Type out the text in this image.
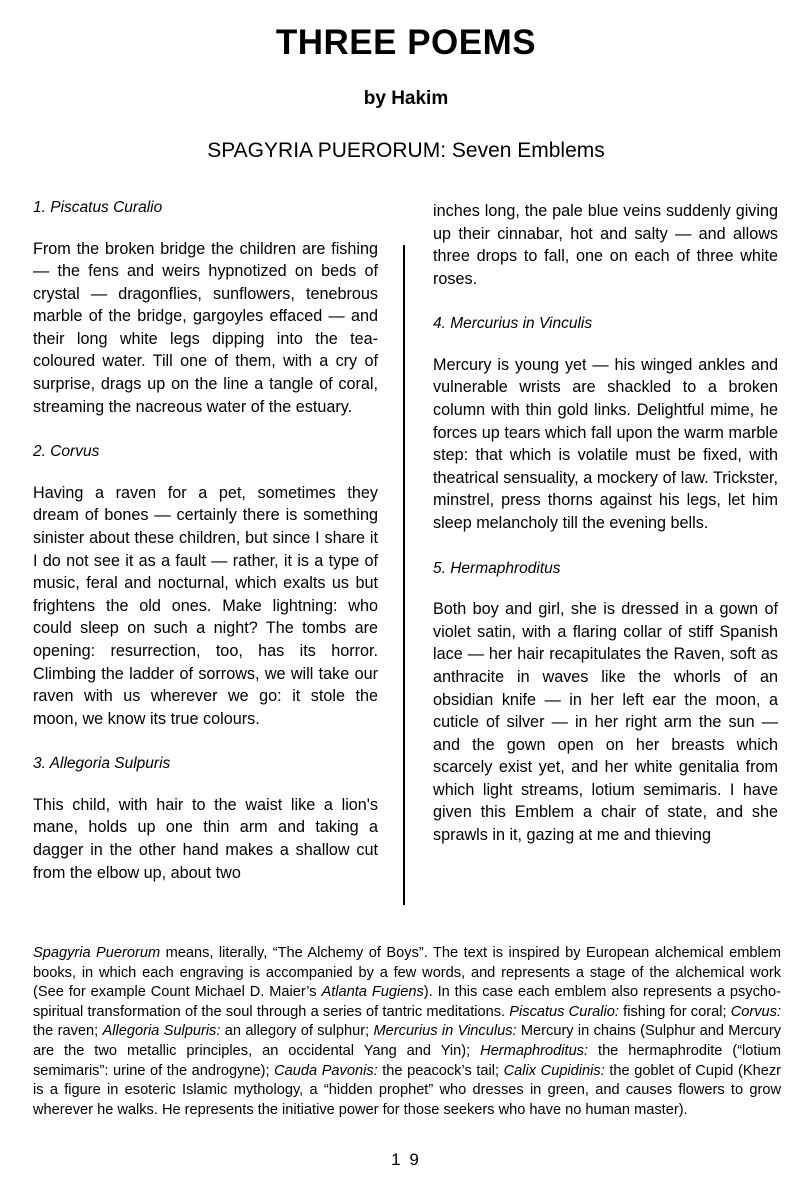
THREE POEMS
by Hakim
SPAGYRIA PUERORUM: Seven Emblems
1. Piscatus Curalio

From the broken bridge the children are fishing — the fens and weirs hypnotized on beds of crystal — dragonflies, sunflowers, tenebrous marble of the bridge, gargoyles effaced — and their long white legs dipping into the tea-coloured water. Till one of them, with a cry of surprise, drags up on the line a tangle of coral, streaming the nacreous water of the estuary.

2. Corvus

Having a raven for a pet, sometimes they dream of bones — certainly there is something sinister about these children, but since I share it I do not see it as a fault — rather, it is a type of music, feral and nocturnal, which exalts us but frightens the old ones. Make lightning: who could sleep on such a night? The tombs are opening: resurrection, too, has its horror. Climbing the ladder of sorrows, we will take our raven with us wherever we go: it stole the moon, we know its true colours.

3. Allegoria Sulpuris

This child, with hair to the waist like a lion's mane, holds up one thin arm and taking a dagger in the other hand makes a shallow cut from the elbow up, about two

inches long, the pale blue veins suddenly giving up their cinnabar, hot and salty — and allows three drops to fall, one on each of three white roses.

4. Mercurius in Vinculis

Mercury is young yet — his winged ankles and vulnerable wrists are shackled to a broken column with thin gold links. Delightful mime, he forces up tears which fall upon the warm marble step: that which is volatile must be fixed, with theatrical sensuality, a mockery of law. Trickster, minstrel, press thorns against his legs, let him sleep melancholy till the evening bells.

5. Hermaphroditus

Both boy and girl, she is dressed in a gown of violet satin, with a flaring collar of stiff Spanish lace — her hair recapitulates the Raven, soft as anthracite in waves like the whorls of an obsidian knife — in her left ear the moon, a cuticle of silver — in her right arm the sun — and the gown open on her breasts which scarcely exist yet, and her white genitalia from which light streams, lotium semimaris. I have given this Emblem a chair of state, and she sprawls in it, gazing at me and thieving

Spagyria Puerorum means, literally, “The Alchemy of Boys”. The text is inspired by European alchemical emblem books, in which each engraving is accompanied by a few words, and represents a stage of the alchemical work (See for example Count Michael D. Maier’s Atlanta Fugiens). In this case each emblem also represents a psycho-spiritual transformation of the soul through a series of tantric meditations. Piscatus Curalio: fishing for coral; Corvus: the raven; Allegoria Sulpuris: an allegory of sulphur; Mercurius in Vinculus: Mercury in chains (Sulphur and Mercury are the two metallic principles, an occidental Yang and Yin); Hermaphroditus: the hermaphrodite (“lotium semimaris”: urine of the androgyne); Cauda Pavonis: the peacock’s tail; Calix Cupidinis: the goblet of Cupid (Khezr is a figure in esoteric Islamic mythology, a “hidden prophet” who dresses in green, and causes flowers to grow wherever he walks. He represents the initiative power for those seekers who have no human master).
1 9
